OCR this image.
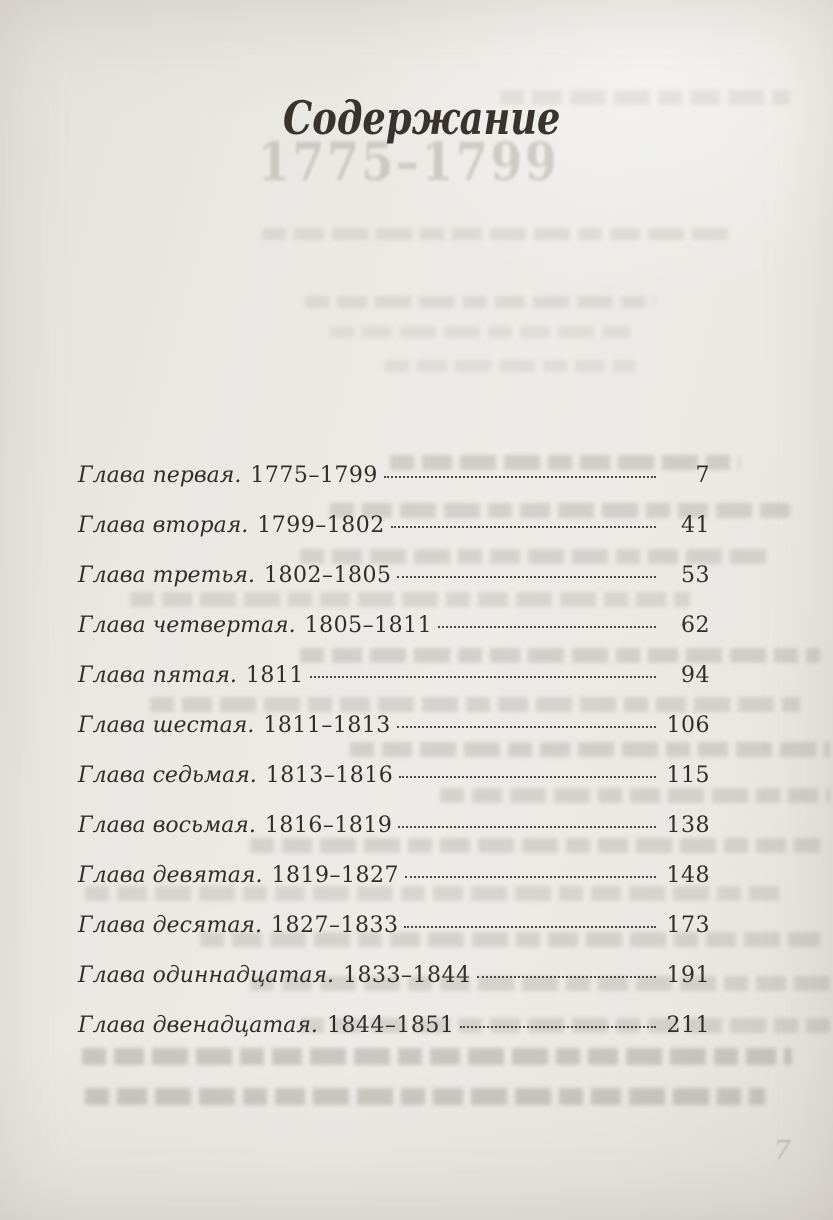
1775–1799
Содержание
Глава первая. 1775–1799	7
Глава вторая. 1799–1802	41
Глава третья. 1802–1805	53
Глава четвертая. 1805–1811	62
Глава пятая. 1811	94
Глава шестая. 1811–1813	106
Глава седьмая. 1813–1816	115
Глава восьмая. 1816–1819	138
Глава девятая. 1819–1827	148
Глава десятая. 1827–1833	173
Глава одиннадцатая. 1833–1844	191
Глава двенадцатая. 1844–1851	211
7
